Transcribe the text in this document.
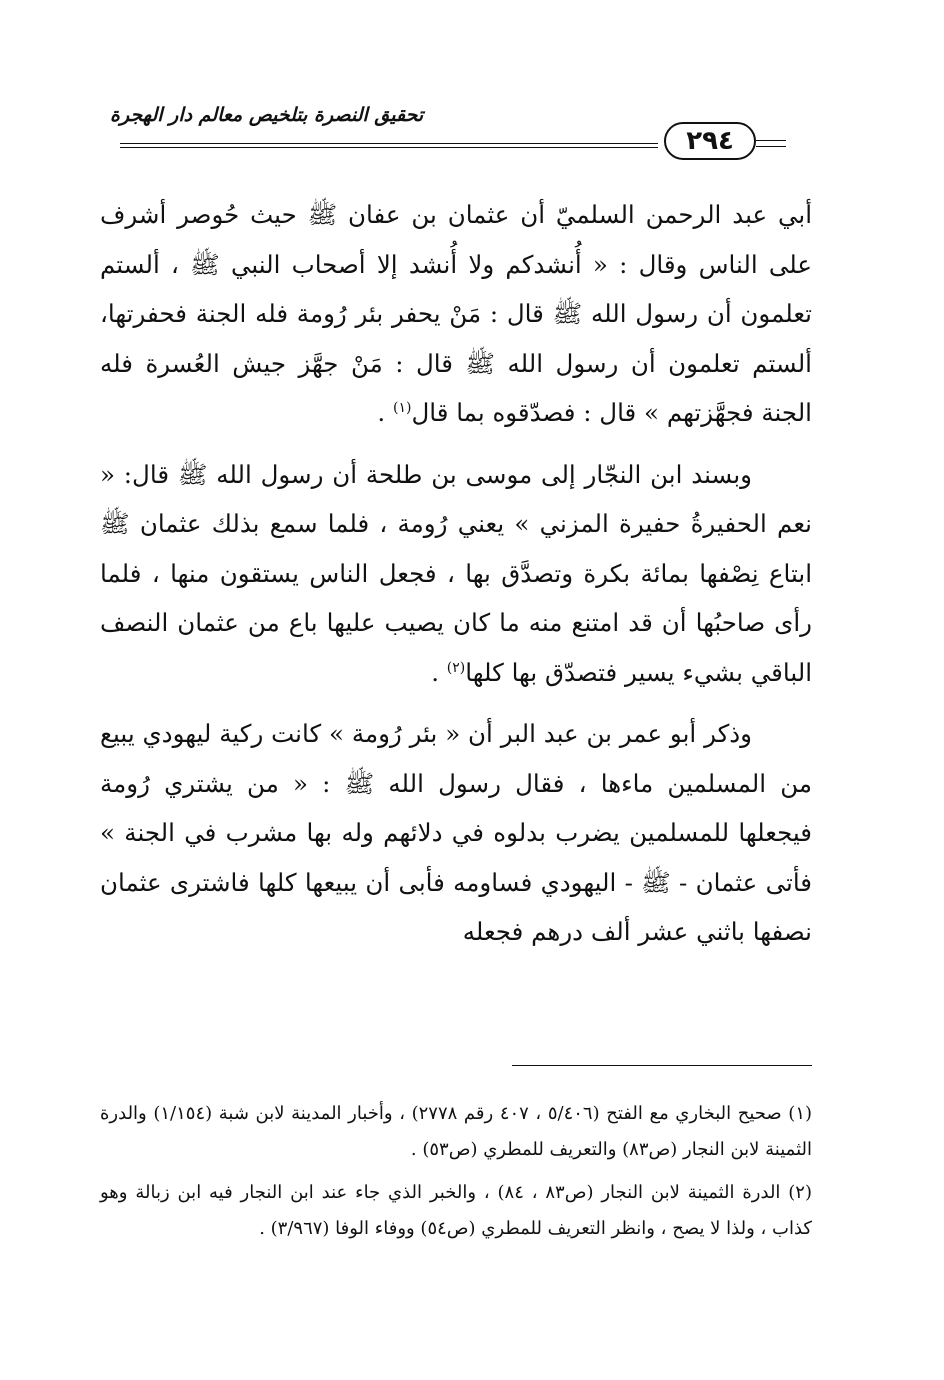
تحقيق النصرة بتلخيص معالم دار الهجرة
٢٩٤

أبي عبد الرحمن السلميّ أن عثمان بن عفان ﷺ حيث حُوصر أشرف على الناس وقال : « أُنشدكم ولا أُنشد إلا أصحاب النبي ﷺ ، ألستم تعلمون أن رسول الله ﷺ قال : مَنْ يحفر بئر رُومة فله الجنة فحفرتها، ألستم تعلمون أن رسول الله ﷺ قال : مَنْ جهَّز جيش العُسرة فله الجنة فجهَّزتهم » قال : فصدّقوه بما قال$^{(١)}$ .

وبسند ابن النجّار إلى موسى بن طلحة أن رسول الله ﷺ قال: « نعم الحفيرةُ حفيرة المزني » يعني رُومة ، فلما سمع بذلك عثمان ﷺ ابتاع نِصْفها بمائة بكرة وتصدَّق بها ، فجعل الناس يستقون منها ، فلما رأى صاحبُها أن قد امتنع منه ما كان يصيب عليها باع من عثمان النصف الباقي بشيء يسير فتصدّق بها كلها$^{(٢)}$ .

وذكر أبو عمر بن عبد البر أن « بئر رُومة » كانت ركية ليهودي يبيع من المسلمين ماءها ، فقال رسول الله ﷺ : « من يشتري رُومة فيجعلها للمسلمين يضرب بدلوه في دلائهم وله بها مشرب في الجنة » فأتى عثمان - ﷺ - اليهودي فساومه فأبى أن يبيعها كلها فاشترى عثمان نصفها باثني عشر ألف درهم فجعله

(١) صحيح البخاري مع الفتح (٥/٤٠٦ ، ٤٠٧ رقم ٢٧٧٨) ، وأخبار المدينة لابن شبة (١/١٥٤) والدرة الثمينة لابن النجار (ص٨٣) والتعريف للمطري (ص٥٣) .

(٢) الدرة الثمينة لابن النجار (ص٨٣ ، ٨٤) ، والخبر الذي جاء عند ابن النجار فيه ابن زبالة وهو كذاب ، ولذا لا يصح ، وانظر التعريف للمطري (ص٥٤) ووفاء الوفا (٣/٩٦٧) .
